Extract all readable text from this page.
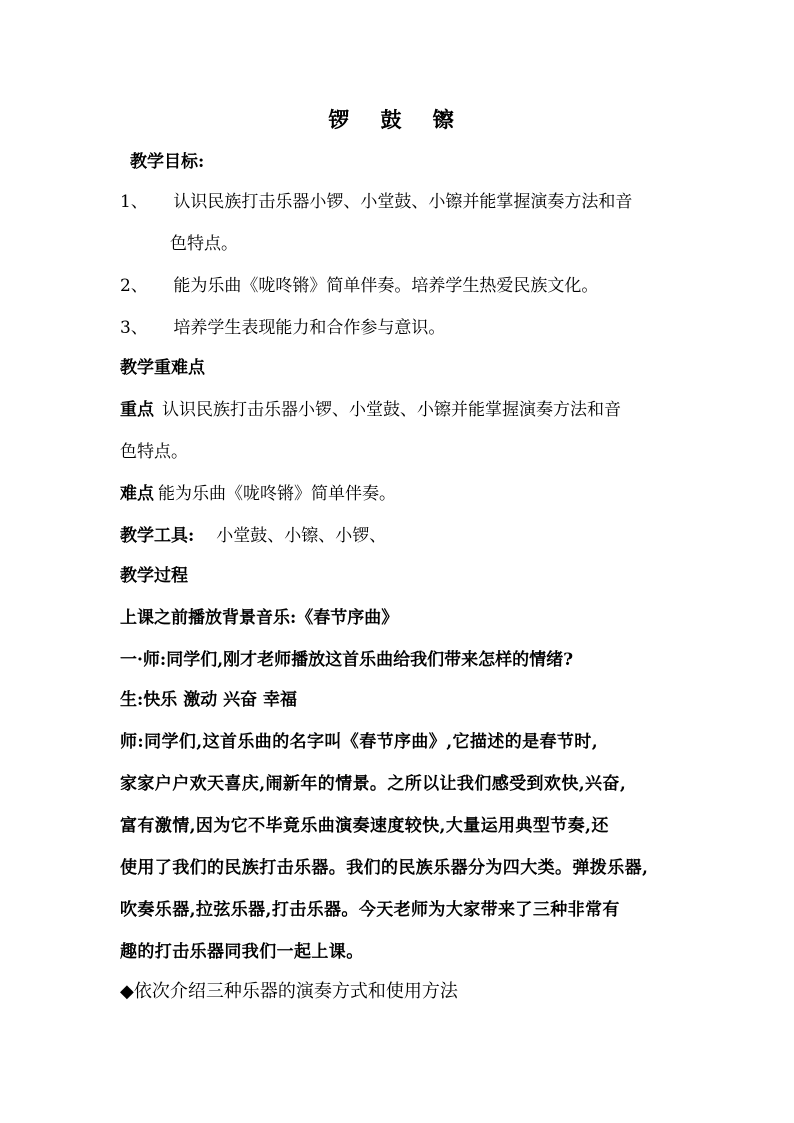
锣 鼓 镲
教学目标:
1、 认识民族打击乐器小锣、小堂鼓、小镲并能掌握演奏方法和音
色特点。
2、 能为乐曲《咙咚锵》简单伴奏。培养学生热爱民族文化。
3、 培养学生表现能力和合作参与意识。
教学重难点
重点 认识民族打击乐器小锣、小堂鼓、小镲并能掌握演奏方法和音
色特点。
难点 能为乐曲《咙咚锵》简单伴奏。
教学工具: 小堂鼓、小镲、小锣、
教学过程
上课之前播放背景音乐:《春节序曲》
一·师:同学们,刚才老师播放这首乐曲给我们带来怎样的情绪?
生:快乐 激动 兴奋 幸福
师:同学们,这首乐曲的名字叫《春节序曲》,它描述的是春节时,
家家户户欢天喜庆,闹新年的情景。之所以让我们感受到欢快,兴奋,
富有激情,因为它不毕竟乐曲演奏速度较快,大量运用典型节奏,还
使用了我们的民族打击乐器。我们的民族乐器分为四大类。弹拨乐器,
吹奏乐器,拉弦乐器,打击乐器。今天老师为大家带来了三种非常有
趣的打击乐器同我们一起上课。
◆依次介绍三种乐器的演奏方式和使用方法
